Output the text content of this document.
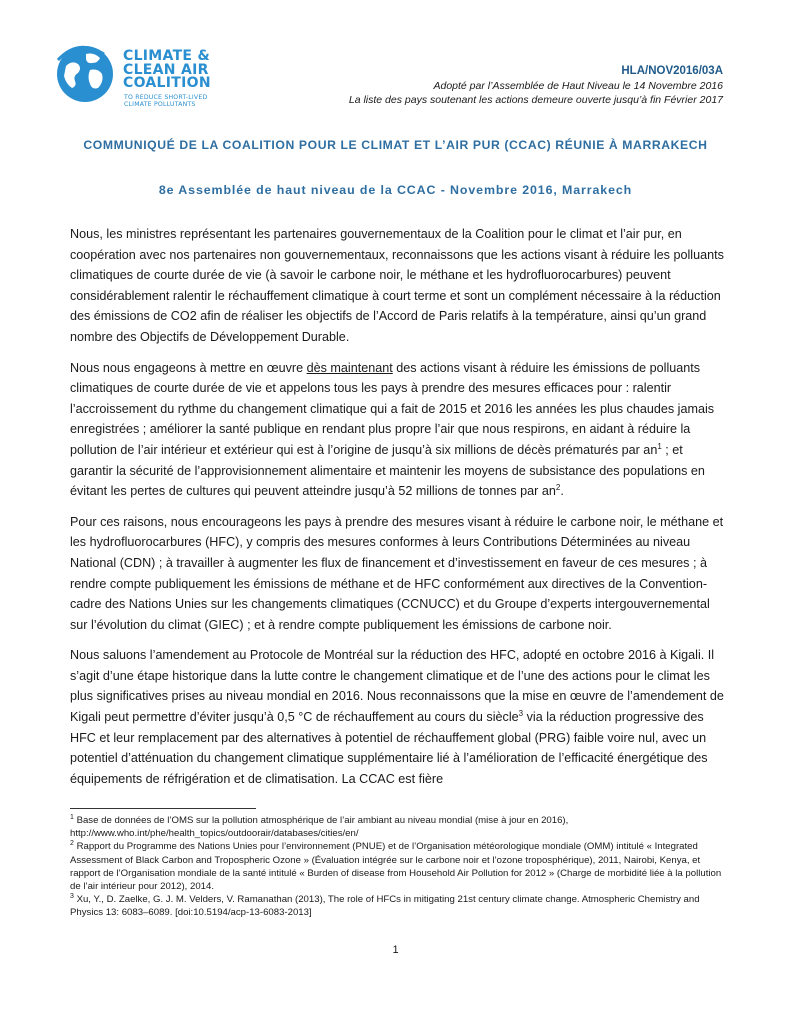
CLIMATE &
CLEAN AIR
COALITION
TO REDUCE SHORT-LIVED
CLIMATE POLLUTANTS
HLA/NOV2016/03A
Adopté par l’Assemblée de Haut Niveau le 14 Novembre 2016
La liste des pays soutenant les actions demeure ouverte jusqu’à fin Février 2017
COMMUNIQUÉ DE LA COALITION POUR LE CLIMAT ET L’AIR PUR (CCAC) RÉUNIE À MARRAKECH
8e Assemblée de haut niveau de la CCAC - Novembre 2016, Marrakech

Nous, les ministres représentant les partenaires gouvernementaux de la Coalition pour le climat et l’air pur, en coopération avec nos partenaires non gouvernementaux, reconnaissons que les actions visant à réduire les polluants climatiques de courte durée de vie (à savoir le carbone noir, le méthane et les hydrofluorocarbures) peuvent considérablement ralentir le réchauffement climatique à court terme et sont un complément nécessaire à la réduction des émissions de CO2 afin de réaliser les objectifs de l’Accord de Paris relatifs à la température, ainsi qu’un grand nombre des Objectifs de Développement Durable.

Nous nous engageons à mettre en œuvre dès maintenant des actions visant à réduire les émissions de polluants climatiques de courte durée de vie et appelons tous les pays à prendre des mesures efficaces pour : ralentir l’accroissement du rythme du changement climatique qui a fait de 2015 et 2016 les années les plus chaudes jamais enregistrées ; améliorer la santé publique en rendant plus propre l’air que nous respirons, en aidant à réduire la pollution de l’air intérieur et extérieur qui est à l’origine de jusqu’à six millions de décès prématurés par $an^1$ ; et garantir la sécurité de l’approvisionnement alimentaire et maintenir les moyens de subsistance des populations en évitant les pertes de cultures qui peuvent atteindre jusqu’à 52 millions de tonnes par $an^2$.

Pour ces raisons, nous encourageons les pays à prendre des mesures visant à réduire le carbone noir, le méthane et les hydrofluorocarbures (HFC), y compris des mesures conformes à leurs Contributions Déterminées au niveau National (CDN) ; à travailler à augmenter les flux de financement et d’investissement en faveur de ces mesures ; à rendre compte publiquement les émissions de méthane et de HFC conformément aux directives de la Convention-cadre des Nations Unies sur les changements climatiques (CCNUCC) et du Groupe d’experts intergouvernemental sur l’évolution du climat (GIEC) ; et à rendre compte publiquement les émissions de carbone noir.

Nous saluons l’amendement au Protocole de Montréal sur la réduction des HFC, adopté en octobre 2016 à Kigali. Il s’agit d’une étape historique dans la lutte contre le changement climatique et de l’une des actions pour le climat les plus significatives prises au niveau mondial en 2016. Nous reconnaissons que la mise en œuvre de l’amendement de Kigali peut permettre d’éviter jusqu’à 0,5 °C de réchauffement au cours du siècle$^3$ via la réduction progressive des HFC et leur remplacement par des alternatives à potentiel de réchauffement global (PRG) faible voire nul, avec un potentiel d’atténuation du changement climatique supplémentaire lié à l’amélioration de l’efficacité énergétique des équipements de réfrigération et de climatisation. La CCAC est fière

$^1$ Base de données de l’OMS sur la pollution atmosphérique de l’air ambiant au niveau mondial (mise à jour en 2016), http://www.who.int/phe/health_topics/outdoorair/databases/cities/en/
$^2$ Rapport du Programme des Nations Unies pour l’environnement (PNUE) et de l’Organisation météorologique mondiale (OMM) intitulé « Integrated Assessment of Black Carbon and Tropospheric Ozone » (Évaluation intégrée sur le carbone noir et l’ozone troposphérique), 2011, Nairobi, Kenya, et rapport de l’Organisation mondiale de la santé intitulé « Burden of disease from Household Air Pollution for 2012 » (Charge de morbidité liée à la pollution de l’air intérieur pour 2012), 2014.
$^3$ Xu, Y., D. Zaelke, G. J. M. Velders, V. Ramanathan (2013), The role of HFCs in mitigating 21st century climate change. Atmospheric Chemistry and Physics 13: 6083–6089. [doi:10.5194/acp-13-6083-2013]
1
